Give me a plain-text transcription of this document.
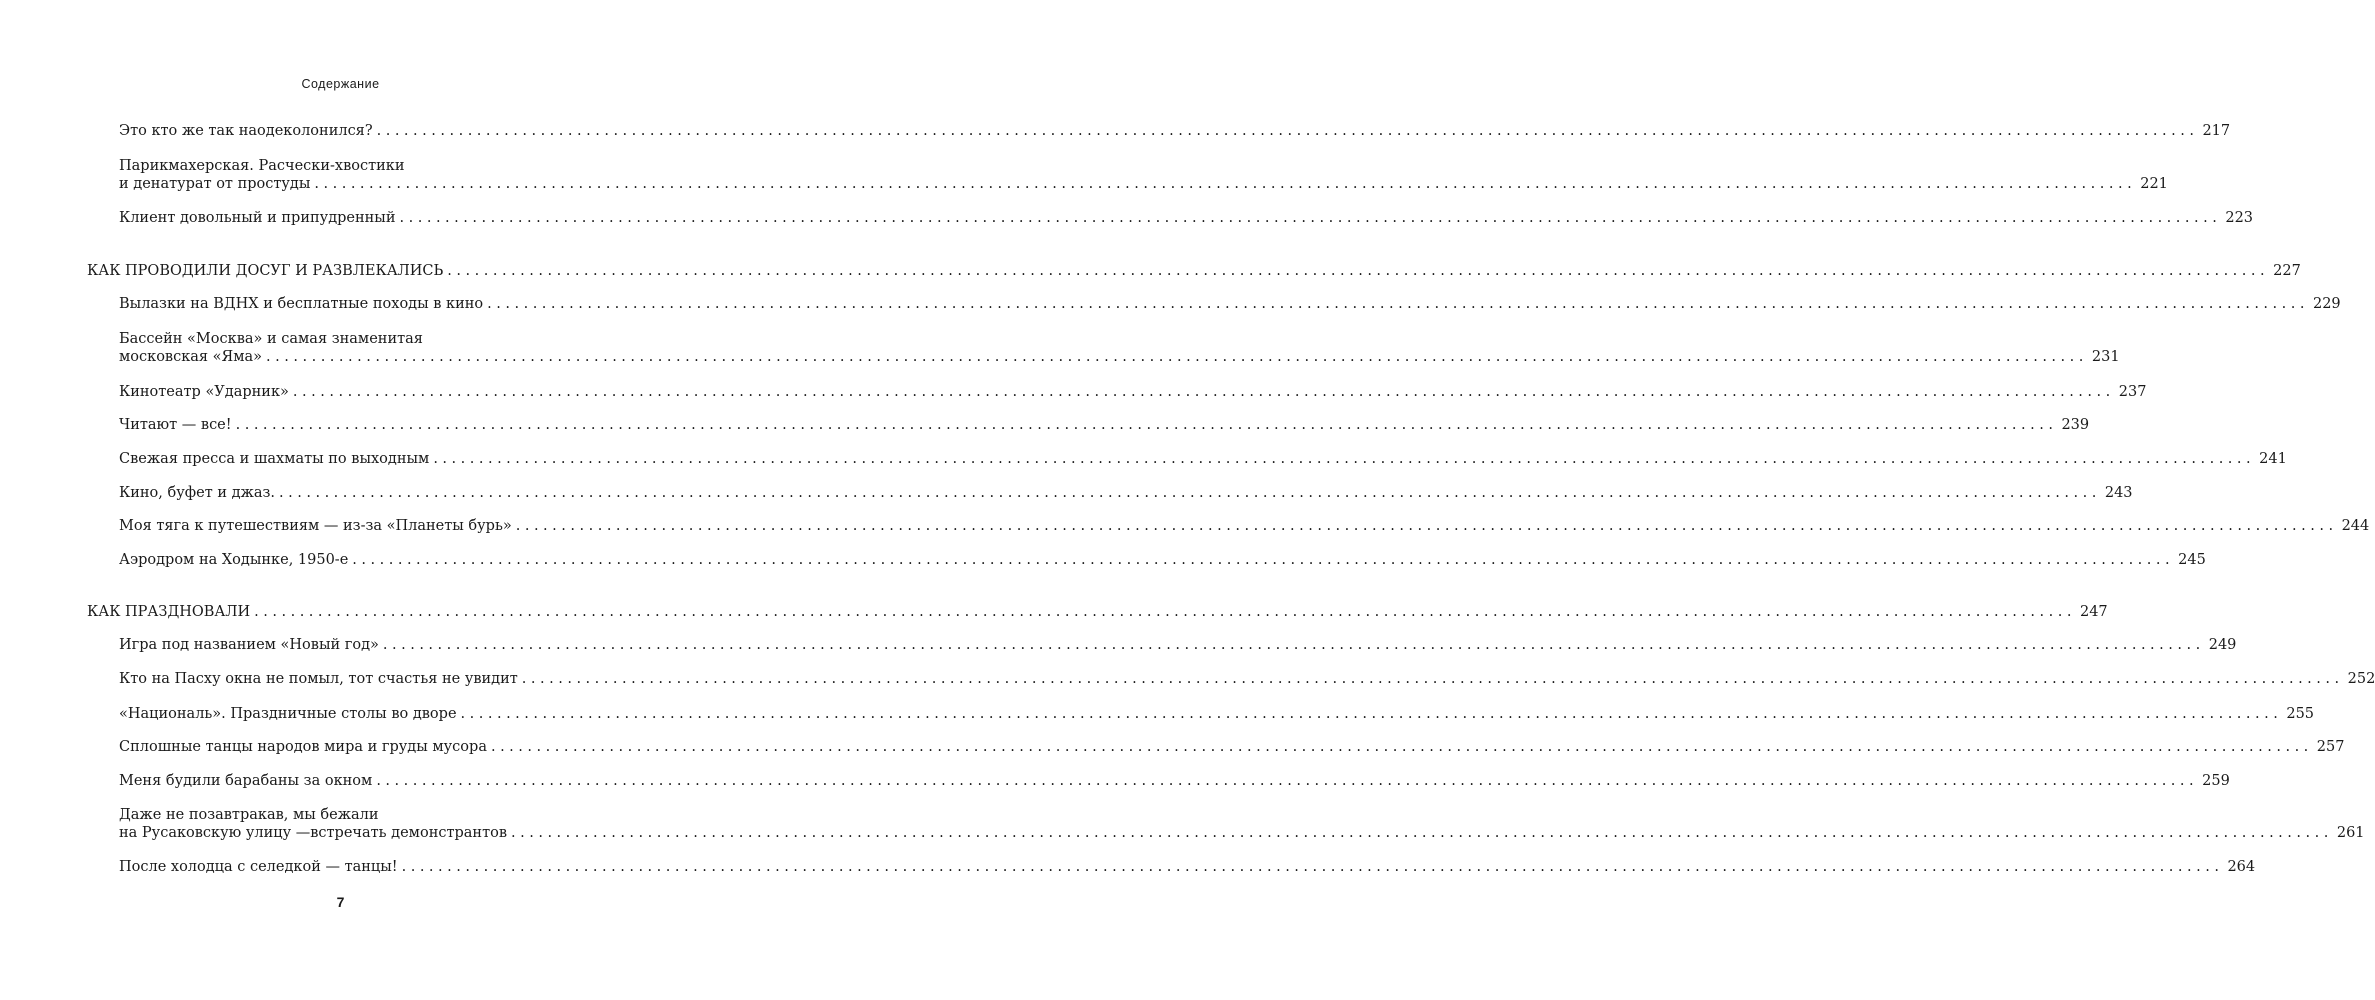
Содержание
Это кто же так наодеколонился? ........................................................................................................................................................................................................ 217
Парикмахерская. Расчески-хвостики
и денатурат от простуды ........................................................................................................................................................................................................ 221
Клиент довольный и припудренный ........................................................................................................................................................................................................ 223
КАК ПРОВОДИЛИ ДОСУГ И РАЗВЛЕКАЛИСЬ ........................................................................................................................................................................................................ 227
Вылазки на ВДНХ и бесплатные походы в кино ........................................................................................................................................................................................................ 229
Бассейн «Москва» и самая знаменитая
московская «Яма» ........................................................................................................................................................................................................ 231
Кинотеатр «Ударник» ........................................................................................................................................................................................................ 237
Читают — все! ........................................................................................................................................................................................................ 239
Свежая пресса и шахматы по выходным ........................................................................................................................................................................................................ 241
Кино, буфет и джаз. ........................................................................................................................................................................................................ 243
Моя тяга к путешествиям — из-за «Планеты бурь» ........................................................................................................................................................................................................ 244
Аэродром на Ходынке, 1950-е ........................................................................................................................................................................................................ 245
КАК ПРАЗДНОВАЛИ ........................................................................................................................................................................................................ 247
Игра под названием «Новый год» ........................................................................................................................................................................................................ 249
Кто на Пасху окна не помыл, тот счастья не увидит ........................................................................................................................................................................................................ 252
«Националь». Праздничные столы во дворе ........................................................................................................................................................................................................ 255
Сплошные танцы народов мира и груды мусора ........................................................................................................................................................................................................ 257
Меня будили барабаны за окном ........................................................................................................................................................................................................ 259
Даже не позавтракав, мы бежали
на Русаковскую улицу —встречать демонстрантов ........................................................................................................................................................................................................ 261
После холодца с селедкой — танцы! ........................................................................................................................................................................................................ 264
7
